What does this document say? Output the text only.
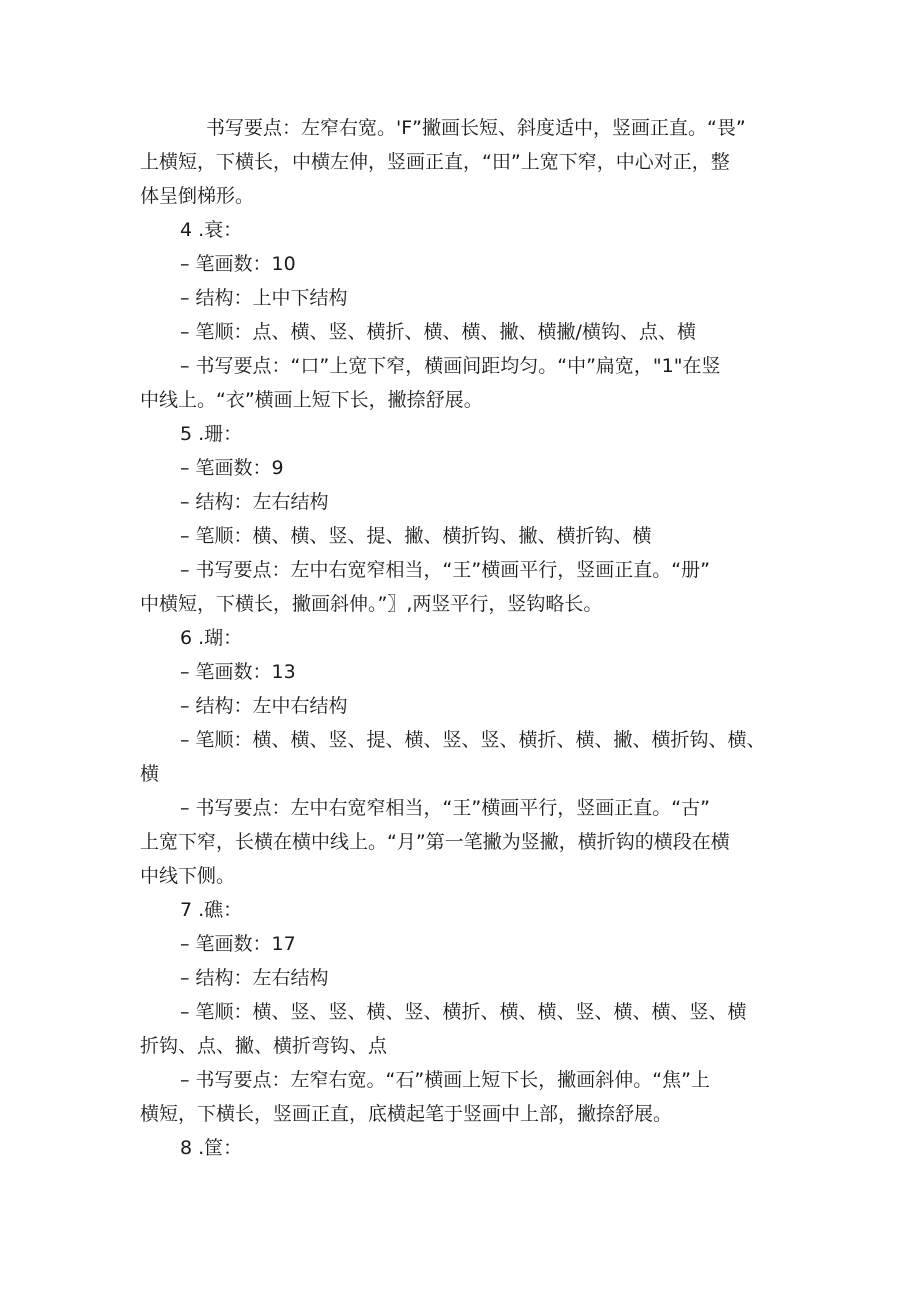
书写要点：左窄右宽。'F”撇画长短、斜度适中，竖画正直。“畏”
上横短，下横长，中横左伸，竖画正直，“田”上宽下窄，中心对正，整
体呈倒梯形。
4 .衰：
– 笔画数：10
– 结构：上中下结构
– 笔顺：点、横、竖、横折、横、横、撇、横撇/横钩、点、横
– 书写要点：“口”上宽下窄，横画间距均匀。“中”扁宽，"1"在竖
中线上。“衣”横画上短下长，撇捺舒展。
5 .珊：
– 笔画数：9
– 结构：左右结构
– 笔顺：横、横、竖、提、撇、横折钩、撇、横折钩、横
– 书写要点：左中右宽窄相当，“王”横画平行，竖画正直。“册”
中横短，下横长，撇画斜伸。”〗,两竖平行，竖钩略长。
6 .瑚：
– 笔画数：13
– 结构：左中右结构
– 笔顺：横、横、竖、提、横、竖、竖、横折、横、撇、横折钩、横、
横
– 书写要点：左中右宽窄相当，“王”横画平行，竖画正直。“古”
上宽下窄，长横在横中线上。“月”第一笔撇为竖撇，横折钩的横段在横
中线下侧。
7 .礁：
– 笔画数：17
– 结构：左右结构
– 笔顺：横、竖、竖、横、竖、横折、横、横、竖、横、横、竖、横
折钩、点、撇、横折弯钩、点
– 书写要点：左窄右宽。“石”横画上短下长，撇画斜伸。“焦”上
横短，下横长，竖画正直，底横起笔于竖画中上部，撇捺舒展。
8 .筐：
